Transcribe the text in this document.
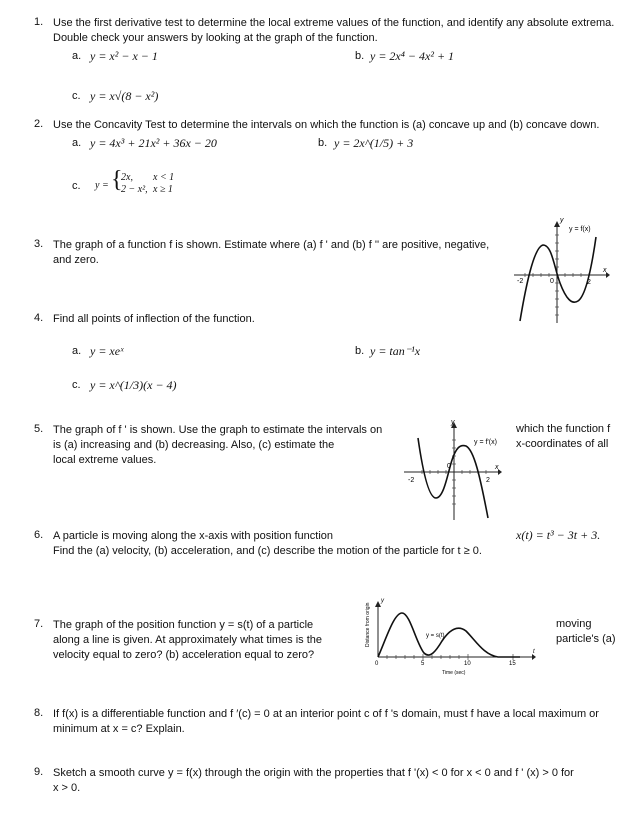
1. Use the first derivative test to determine the local extreme values of the function, and identify any absolute extrema.
Double check your answers by looking at the graph of the function.
a. y = x² − x − 1	b. y = 2x⁴ − 4x² + 1
c. y = x√(8 − x²)
2. Use the Concavity Test to determine the intervals on which the function is (a) concave up and (b) concave down.
a. y = 4x³ + 21x² + 36x − 20	b. y = 2x^(1/5) + 3
c. y = {
2x, x < 1
2 − x², x ≥ 1
3. The graph of a function f is shown. Estimate where (a) f ' and (b) f '' are positive, negative,
and zero.
y
x
y = f(x)
-2	0	2
4. Find all points of inflection of the function.
a. y = xeˣ	b. y = tan⁻¹x
c. y = x^(1/3)(x − 4)
5. The graph of f ' is shown. Use the graph to estimate the intervals on
is (a) increasing and (b) decreasing. Also, (c) estimate the
local extreme values.
which the function f
x-coordinates of all
y
x
y = f'(x)
-2
0
2
6. A particle is moving along the x-axis with position function	x(t) = t³ − 3t + 3.
Find the (a) velocity, (b) acceleration, and (c) describe the motion of the particle for t ≥ 0.
7. The graph of the position function y = s(t) of a particle
along a line is given. At approximately what times is the
velocity equal to zero? (b) acceleration equal to zero?
moving
particle's (a)
y
t
y = s(t)
0	5	10	15
Time (sec)
Distance from origin
8. If f(x) is a differentiable function and f ′(c) = 0 at an interior point c of f 's domain, must f have a local maximum or
minimum at x = c? Explain.
9. Sketch a smooth curve y = f(x) through the origin with the properties that f '(x) < 0 for x < 0 and f ' (x) > 0 for
x > 0.
